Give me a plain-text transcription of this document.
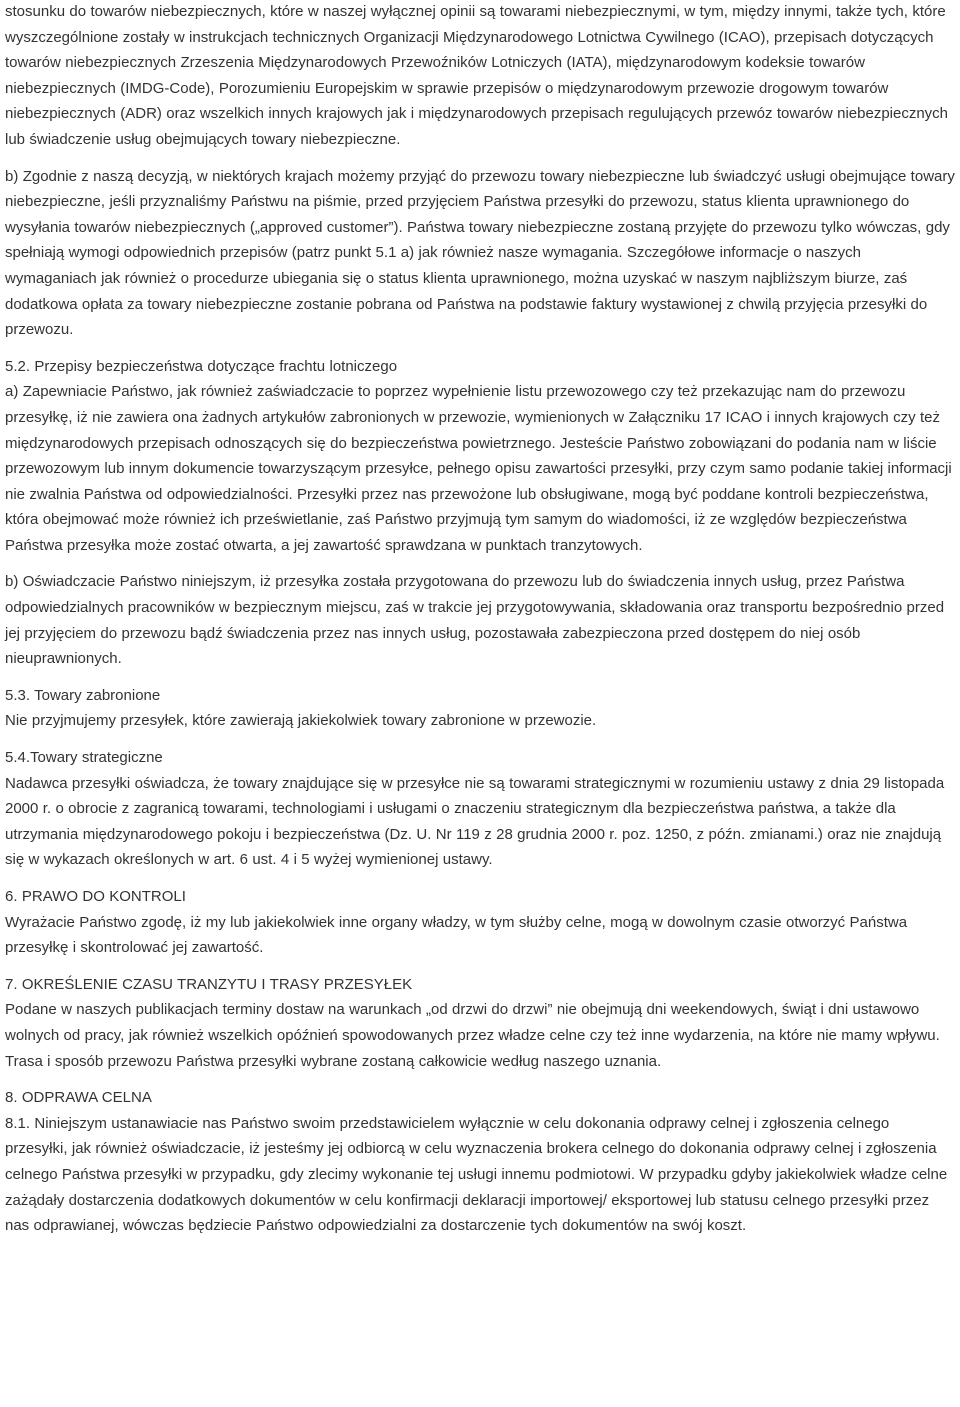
stosunku do towarów niebezpiecznych, które w naszej wyłącznej opinii są towarami niebezpiecznymi, w tym, między innymi, także tych, które wyszczególnione zostały w instrukcjach technicznych Organizacji Międzynarodowego Lotnictwa Cywilnego (ICAO), przepisach dotyczących towarów niebezpiecznych Zrzeszenia Międzynarodowych Przewoźników Lotniczych (IATA), międzynarodowym kodeksie towarów niebezpiecznych (IMDG-Code), Porozumieniu Europejskim w sprawie przepisów o międzynarodowym przewozie drogowym towarów niebezpiecznych (ADR) oraz wszelkich innych krajowych jak i międzynarodowych przepisach regulujących przewóz towarów niebezpiecznych lub świadczenie usług obejmujących towary niebezpieczne.

b) Zgodnie z naszą decyzją, w niektórych krajach możemy przyjąć do przewozu towary niebezpieczne lub świadczyć usługi obejmujące towary niebezpieczne, jeśli przyznaliśmy Państwu na piśmie, przed przyjęciem Państwa przesyłki do przewozu, status klienta uprawnionego do wysyłania towarów niebezpiecznych („approved customer”). Państwa towary niebezpieczne zostaną przyjęte do przewozu tylko wówczas, gdy spełniają wymogi odpowiednich przepisów (patrz punkt 5.1 a) jak również nasze wymagania. Szczegółowe informacje o naszych wymaganiach jak również o procedurze ubiegania się o status klienta uprawnionego, można uzyskać w naszym najbliższym biurze, zaś dodatkowa opłata za towary niebezpieczne zostanie pobrana od Państwa na podstawie faktury wystawionej z chwilą przyjęcia przesyłki do przewozu.

5.2. Przepisy bezpieczeństwa dotyczące frachtu lotniczego

a) Zapewniacie Państwo, jak również zaświadczacie to poprzez wypełnienie listu przewozowego czy też przekazując nam do przewozu przesyłkę, iż nie zawiera ona żadnych artykułów zabronionych w przewozie, wymienionych w Załączniku 17 ICAO i innych krajowych czy też międzynarodowych przepisach odnoszących się do bezpieczeństwa powietrznego. Jesteście Państwo zobowiązani do podania nam w liście przewozowym lub innym dokumencie towarzyszącym przesyłce, pełnego opisu zawartości przesyłki, przy czym samo podanie takiej informacji nie zwalnia Państwa od odpowiedzialności. Przesyłki przez nas przewożone lub obsługiwane, mogą być poddane kontroli bezpieczeństwa, która obejmować może również ich prześwietlanie, zaś Państwo przyjmują tym samym do wiadomości, iż ze względów bezpieczeństwa Państwa przesyłka może zostać otwarta, a jej zawartość sprawdzana w punktach tranzytowych.

b) Oświadczacie Państwo niniejszym, iż przesyłka została przygotowana do przewozu lub do świadczenia innych usług, przez Państwa odpowiedzialnych pracowników w bezpiecznym miejscu, zaś w trakcie jej przygotowywania, składowania oraz transportu bezpośrednio przed jej przyjęciem do przewozu bądź świadczenia przez nas innych usług, pozostawała zabezpieczona przed dostępem do niej osób nieuprawnionych.

5.3. Towary zabronione

Nie przyjmujemy przesyłek, które zawierają jakiekolwiek towary zabronione w przewozie.

5.4.Towary strategiczne

Nadawca przesyłki oświadcza, że towary znajdujące się w przesyłce nie są towarami strategicznymi w rozumieniu ustawy z dnia 29 listopada 2000 r. o obrocie z zagranicą towarami, technologiami i usługami o znaczeniu strategicznym dla bezpieczeństwa państwa, a także dla utrzymania międzynarodowego pokoju i bezpieczeństwa (Dz. U. Nr 119 z 28 grudnia 2000 r. poz. 1250, z późn. zmianami.) oraz nie znajdują się w wykazach określonych w art. 6 ust. 4 i 5 wyżej wymienionej ustawy.

6. PRAWO DO KONTROLI

Wyrażacie Państwo zgodę, iż my lub jakiekolwiek inne organy władzy, w tym służby celne, mogą w dowolnym czasie otworzyć Państwa przesyłkę i skontrolować jej zawartość.

7. OKREŚLENIE CZASU TRANZYTU I TRASY PRZESYŁEK

Podane w naszych publikacjach terminy dostaw na warunkach „od drzwi do drzwi” nie obejmują dni weekendowych, świąt i dni ustawowo wolnych od pracy, jak również wszelkich opóźnień spowodowanych przez władze celne czy też inne wydarzenia, na które nie mamy wpływu. Trasa i sposób przewozu Państwa przesyłki wybrane zostaną całkowicie według naszego uznania.

8. ODPRAWA CELNA

8.1. Niniejszym ustanawiacie nas Państwo swoim przedstawicielem wyłącznie w celu dokonania odprawy celnej i zgłoszenia celnego przesyłki, jak również oświadczacie, iż jesteśmy jej odbiorcą w celu wyznaczenia brokera celnego do dokonania odprawy celnej i zgłoszenia celnego Państwa przesyłki w przypadku, gdy zlecimy wykonanie tej usługi innemu podmiotowi. W przypadku gdyby jakiekolwiek władze celne zażądały dostarczenia dodatkowych dokumentów w celu konfirmacji deklaracji importowej/ eksportowej lub statusu celnego przesyłki przez nas odprawianej, wówczas będziecie Państwo odpowiedzialni za dostarczenie tych dokumentów na swój koszt.
